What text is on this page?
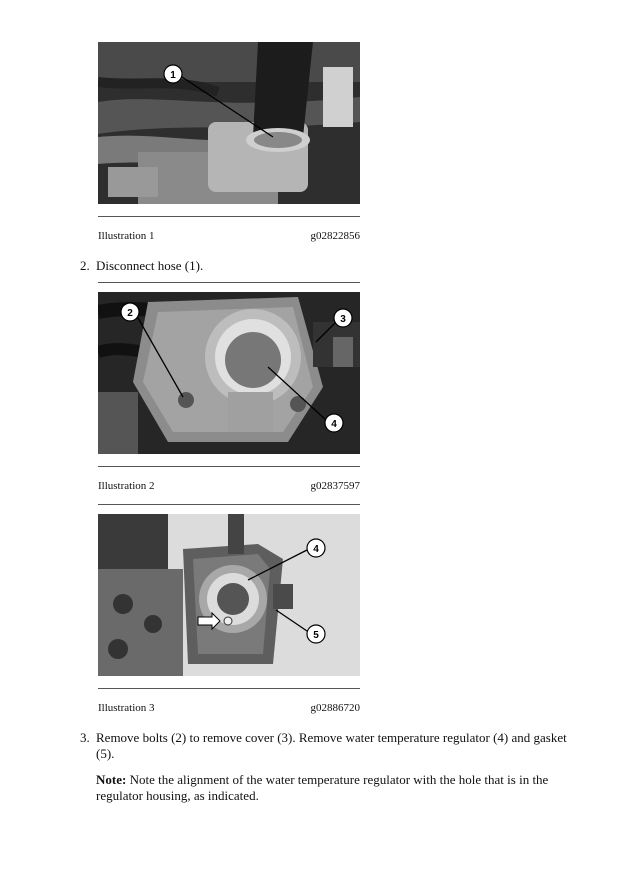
1
Illustration 1	g02822856
2. Disconnect hose (1).
2
3
4
Illustration 2	g02837597
4
5
Illustration 3	g02886720
3. Remove bolts (2) to remove cover (3). Remove water temperature regulator (4) and gasket
(5).
Note: Note the alignment of the water temperature regulator with the hole that is in the
regulator housing, as indicated.
